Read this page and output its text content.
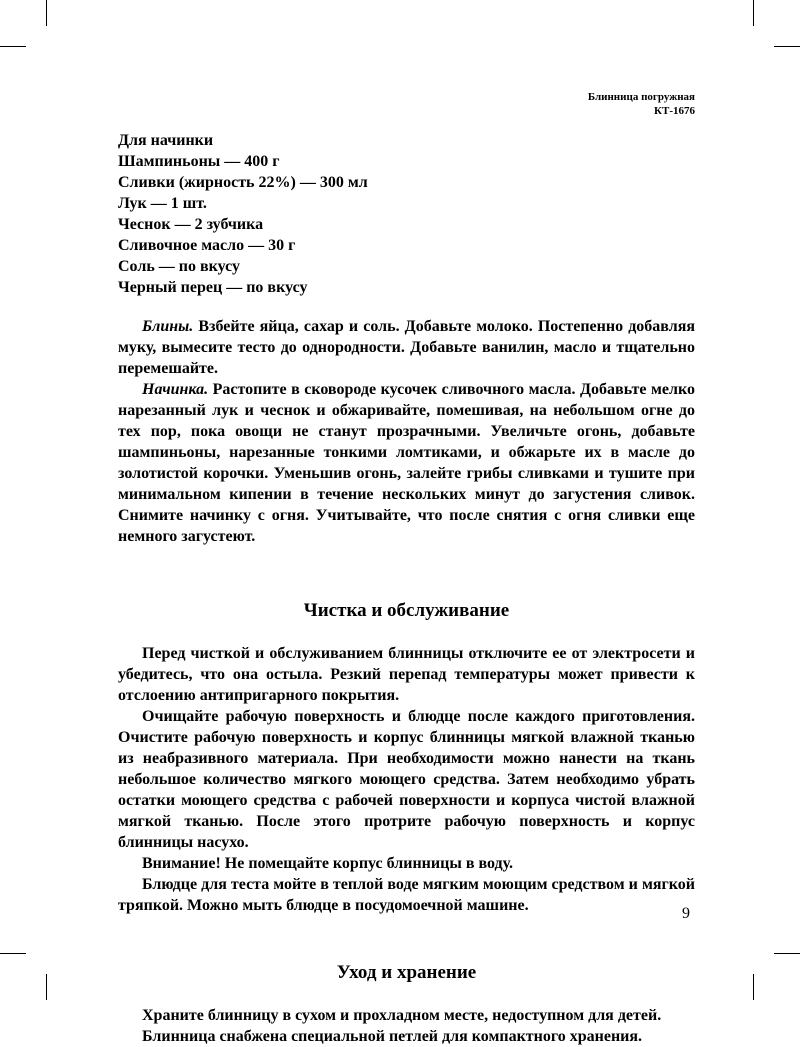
Блинница погружная
КТ-1676
Для начинки
Шампиньоны — 400 г
Сливки (жирность 22%) — 300 мл
Лук — 1 шт.
Чеснок — 2 зубчика
Сливочное масло — 30 г
Соль — по вкусу
Черный перец — по вкусу

Блины. Взбейте яйца, сахар и соль. Добавьте молоко. Постепенно добавляя муку, вымесите тесто до однородности. Добавьте ванилин, масло и тщательно перемешайте.

Начинка. Растопите в сковороде кусочек сливочного масла. Добавьте мелко нарезанный лук и чеснок и обжаривайте, помешивая, на небольшом огне до тех пор, пока овощи не станут прозрачными. Увеличьте огонь, добавьте шампиньоны, нарезанные тонкими ломтиками, и обжарьте их в масле до золотистой корочки. Уменьшив огонь, залейте грибы сливками и тушите при минимальном кипении в течение нескольких минут до загустения сливок. Снимите начинку с огня. Учитывайте, что после снятия с огня сливки еще немного загустеют.

Чистка и обслуживание

Перед чисткой и обслуживанием блинницы отключите ее от электросети и убедитесь, что она остыла. Резкий перепад температуры может привести к отслоению антипригарного покрытия.

Очищайте рабочую поверхность и блюдце после каждого приготовления. Очистите рабочую поверхность и корпус блинницы мягкой влажной тканью из неабразивного материала. При необходимости можно нанести на ткань небольшое количество мягкого моющего средства. Затем необходимо убрать остатки моющего средства с рабочей поверхности и корпуса чистой влажной мягкой тканью. После этого протрите рабочую поверхность и корпус блинницы насухо.

Внимание! Не помещайте корпус блинницы в воду.

Блюдце для теста мойте в теплой воде мягким моющим средством и мягкой тряпкой. Можно мыть блюдце в посудомоечной машине.

Уход и хранение

Храните блинницу в сухом и прохладном месте, недоступном для детей.

Блинница снабжена специальной петлей для компактного хранения.

9
